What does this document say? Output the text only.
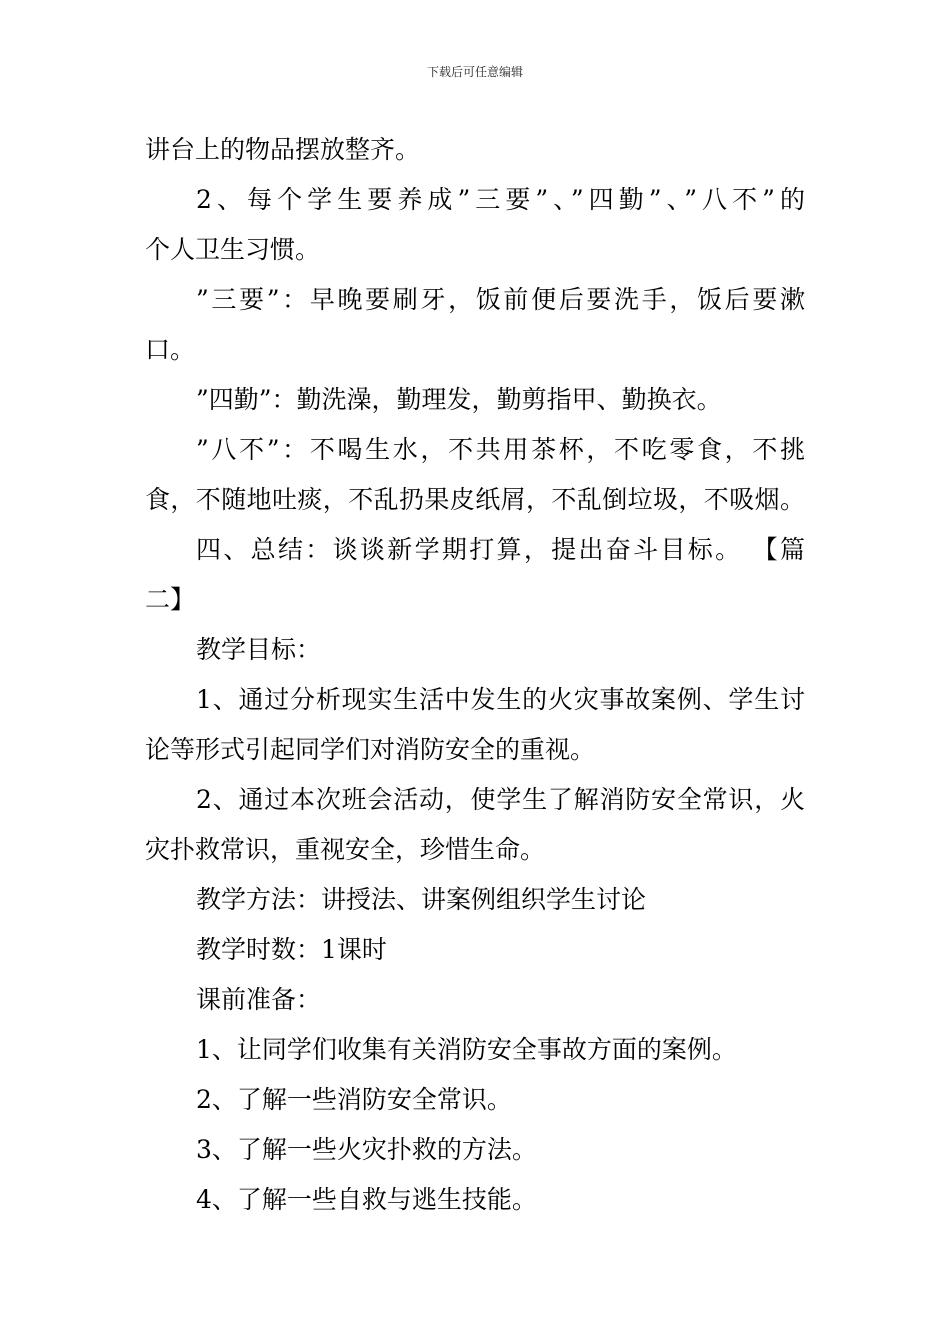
下载后可任意编辑
讲台上的物品摆放整齐。
2、每个学生要养成”三要”、”四勤”、”八不”的
个人卫生习惯。
”三要”：早晚要刷牙，饭前便后要洗手，饭后要漱
口。
”四勤”：勤洗澡，勤理发，勤剪指甲、勤换衣。
”八不”：不喝生水，不共用茶杯，不吃零食，不挑
食，不随地吐痰，不乱扔果皮纸屑，不乱倒垃圾，不吸烟。
四、总结：谈谈新学期打算，提出奋斗目标。 【篇
二】
教学目标：
1、通过分析现实生活中发生的火灾事故案例、学生讨
论等形式引起同学们对消防安全的重视。
2、通过本次班会活动，使学生了解消防安全常识，火
灾扑救常识，重视安全，珍惜生命。
教学方法：讲授法、讲案例组织学生讨论
教学时数：1课时
课前准备：
1、让同学们收集有关消防安全事故方面的案例。
2、了解一些消防安全常识。
3、了解一些火灾扑救的方法。
4、了解一些自救与逃生技能。
